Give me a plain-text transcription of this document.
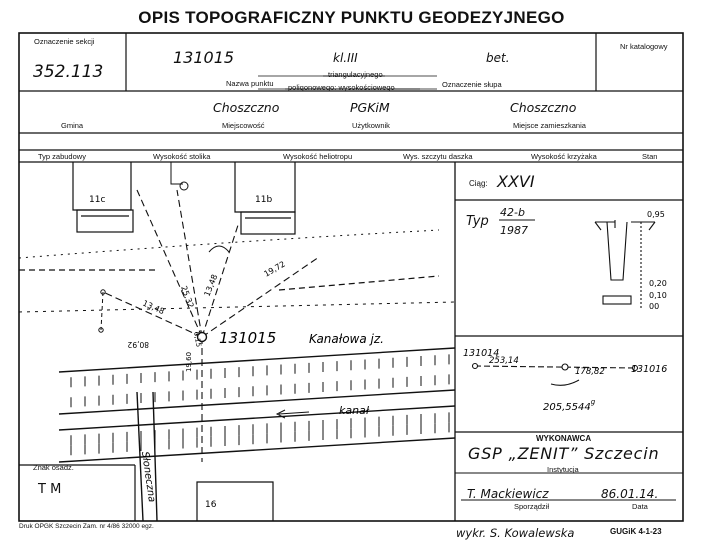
OPIS TOPOGRAFICZNY PUNKTU GEODEZYJNEGO
Oznaczenie sekcji
352.113
Nr katalogowy
131015	kl.III	bet.
Nazwa punktu
triangulacyjnego
poligonowego: wysokościowego	Oznaczenie słupa
Choszczno	PGKiM	Choszczno
Gmina	Miejscowość	Użytkownik	Miejsce zamieszkania
Typ zabudowy	Wysokość stolika	Wysokość heliotropu	Wys. szczytu daszka	Wysokość krzyżaka	Stan
11c	11b
16
131015	Kanałowa jz.
kanał
Słoneczna
19,72
13,48
25,32
13,48
6,15
80,92
19,60
Ciąg: XXVI
Typ
42-b
1987
0,95
0,20
0,10
00
131014
131016
253,14
178,82
205,5544$^g$
WYKONAWCA
GSP „ZENIT” Szczecin
Instytucja
T. Mackiewicz	86.01.14.
Sporządził	Data
Znak osadz.
T M
Druk OPGK Szczecin Zam. nr 4/86 32000 egz.	wykr. S. Kowalewska	GUGiK 4-1-23
